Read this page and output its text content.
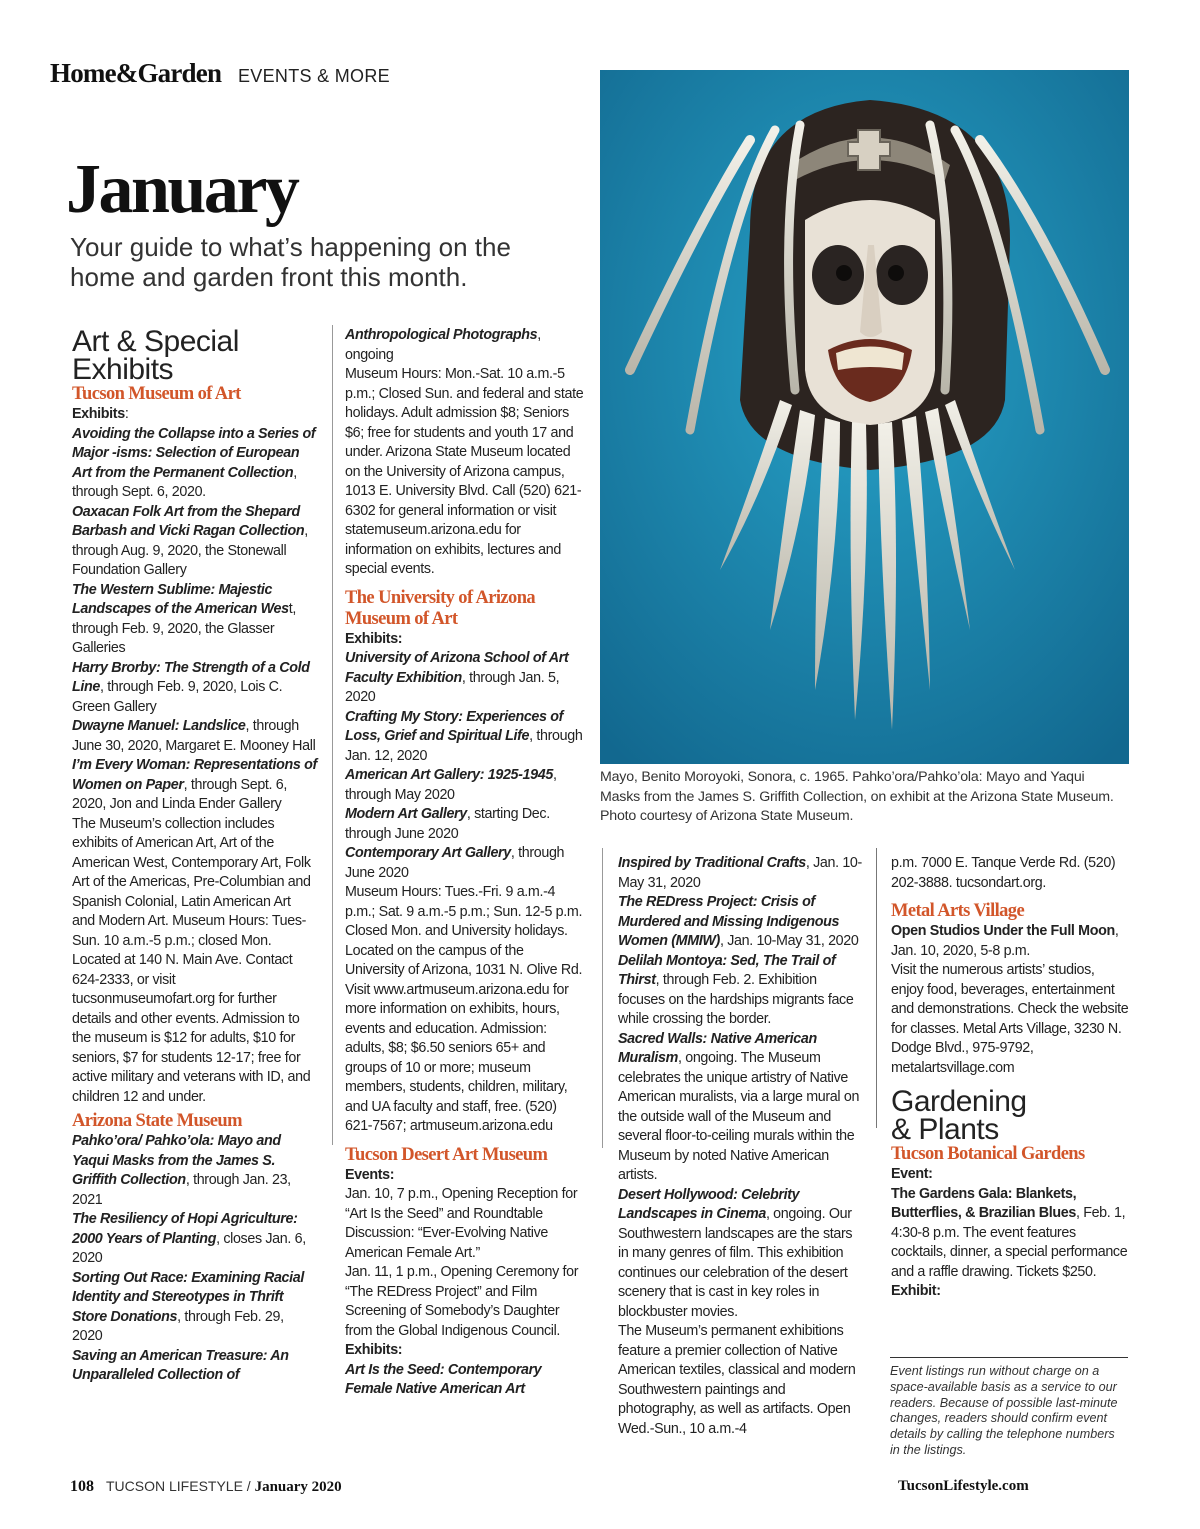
Home&Garden EVENTS & MORE
January
Your guide to what’s happening on the home and garden front this month.

Art & Special Exhibits

Tucson Museum of Art

Exhibits:

Avoiding the Collapse into a Series of Major -isms: Selection of European Art from the Permanent Collection, through Sept. 6, 2020.

Oaxacan Folk Art from the Shepard Barbash and Vicki Ragan Collection, through Aug. 9, 2020, the Stonewall Foundation Gallery

The Western Sublime: Majestic Landscapes of the American West, through Feb. 9, 2020, the Glasser Galleries

Harry Brorby: The Strength of a Cold Line, through Feb. 9, 2020, Lois C. Green Gallery

Dwayne Manuel: Landslice, through June 30, 2020, Margaret E. Mooney Hall

I’m Every Woman: Representations of Women on Paper, through Sept. 6, 2020, Jon and Linda Ender Gallery

The Museum’s collection includes exhibits of American Art, Art of the American West, Contemporary Art, Folk Art of the Americas, Pre-Columbian and Spanish Colonial, Latin American Art and Modern Art. Museum Hours: Tues-Sun. 10 a.m.-5 p.m.; closed Mon. Located at 140 N. Main Ave. Contact 624-2333, or visit tucsonmuseumofart.org for further details and other events. Admission to the museum is $12 for adults, $10 for seniors, $7 for students 12-17; free for active military and veterans with ID, and children 12 and under.

Arizona State Museum

Pahko’ora/ Pahko’ola: Mayo and Yaqui Masks from the James S. Griffith Collection, through Jan. 23, 2021

The Resiliency of Hopi Agriculture: 2000 Years of Planting, closes Jan. 6, 2020

Sorting Out Race: Examining Racial Identity and Stereotypes in Thrift Store Donations, through Feb. 29, 2020

Saving an American Treasure: An Unparalleled Collection of

Anthropological Photographs, ongoing

Museum Hours: Mon.-Sat. 10 a.m.-5 p.m.; Closed Sun. and federal and state holidays. Adult admission $8; Seniors $6; free for students and youth 17 and under. Arizona State Museum located on the University of Arizona campus, 1013 E. University Blvd. Call (520) 621-6302 for general information or visit statemuseum.arizona.edu for information on exhibits, lectures and special events.

The University of Arizona Museum of Art

Exhibits:

University of Arizona School of Art Faculty Exhibition, through Jan. 5, 2020

Crafting My Story: Experiences of Loss, Grief and Spiritual Life, through Jan. 12, 2020

American Art Gallery: 1925-1945, through May 2020

Modern Art Gallery, starting Dec. through June 2020

Contemporary Art Gallery, through June 2020

Museum Hours: Tues.-Fri. 9 a.m.-4 p.m.; Sat. 9 a.m.-5 p.m.; Sun. 12-5 p.m. Closed Mon. and University holidays.

Located on the campus of the University of Arizona, 1031 N. Olive Rd. Visit www.artmuseum.arizona.edu for more information on exhibits, hours, events and education. Admission: adults, $8; $6.50 seniors 65+ and groups of 10 or more; museum members, students, children, military, and UA faculty and staff, free. (520) 621-7567; artmuseum.arizona.edu

Tucson Desert Art Museum

Events:

Jan. 10, 7 p.m., Opening Reception for “Art Is the Seed” and Roundtable Discussion: “Ever-Evolving Native American Female Art.”

Jan. 11, 1 p.m., Opening Ceremony for “The REDress Project” and Film Screening of Somebody’s Daughter from the Global Indigenous Council.

Exhibits:

Art Is the Seed: Contemporary Female Native American Art

Mayo, Benito Moroyoki, Sonora, c. 1965. Pahko’ora/Pahko’ola: Mayo and Yaqui Masks from the James S. Griffith Collection, on exhibit at the Arizona State Museum. Photo courtesy of Arizona State Museum.

Inspired by Traditional Crafts, Jan. 10-May 31, 2020

The REDress Project: Crisis of Murdered and Missing Indigenous Women (MMIW), Jan. 10-May 31, 2020

Delilah Montoya: Sed, The Trail of Thirst, through Feb. 2. Exhibition focuses on the hardships migrants face while crossing the border.

Sacred Walls: Native American Muralism, ongoing. The Museum celebrates the unique artistry of Native American muralists, via a large mural on the outside wall of the Museum and several floor-to-ceiling murals within the Museum by noted Native American artists.

Desert Hollywood: Celebrity Landscapes in Cinema, ongoing. Our Southwestern landscapes are the stars in many genres of film. This exhibition continues our celebration of the desert scenery that is cast in key roles in blockbuster movies.

The Museum’s permanent exhibitions feature a premier collection of Native American textiles, classical and modern Southwestern paintings and photography, as well as artifacts. Open Wed.-Sun., 10 a.m.-4

p.m. 7000 E. Tanque Verde Rd. (520) 202-3888. tucsondart.org.

Metal Arts Village

Open Studios Under the Full Moon, Jan. 10, 2020, 5-8 p.m.

Visit the numerous artists’ studios, enjoy food, beverages, entertainment and demonstrations. Check the website for classes. Metal Arts Village, 3230 N. Dodge Blvd., 975-9792, metalartsvillage.com

Gardening & Plants

Tucson Botanical Gardens

Event:

The Gardens Gala: Blankets, Butterflies, & Brazilian Blues, Feb. 1, 4:30-8 p.m. The event features cocktails, dinner, a special performance and a raffle drawing. Tickets $250.

Exhibit:

Event listings run without charge on a space-available basis as a service to our readers. Because of possible last-minute changes, readers should confirm event details by calling the telephone numbers in the listings.
108 TUCSON LIFESTYLE / January 2020	TucsonLifestyle.com
